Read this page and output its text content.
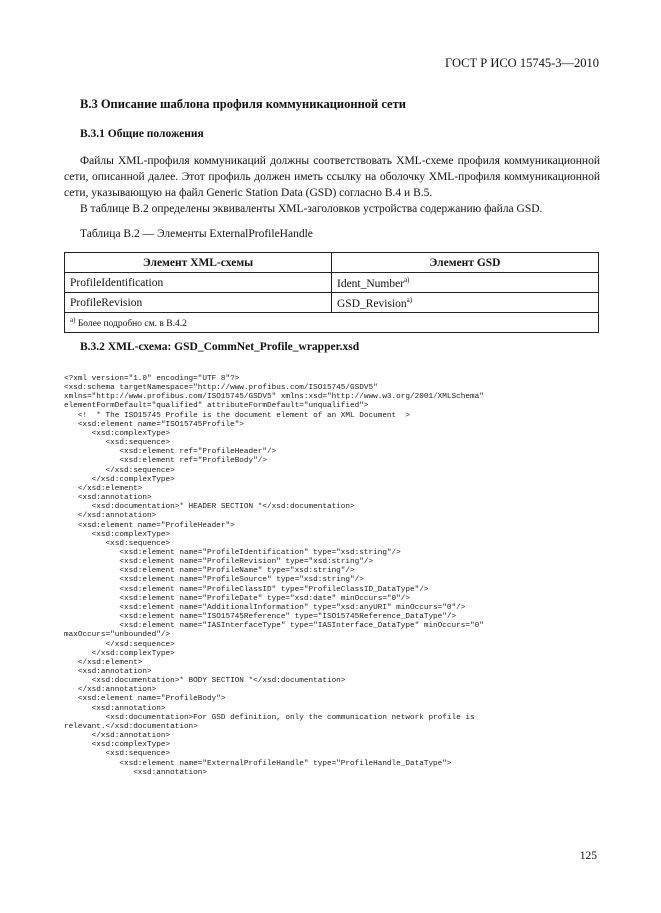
ГОСТ Р ИСО 15745-3—2010
В.3 Описание шаблона профиля коммуникационной сети
В.3.1 Общие положения

Файлы XML-профиля коммуникаций должны соответствовать XML-схеме профиля коммуникационной сети, описанной далее. Этот профиль должен иметь ссылку на оболочку XML-профиля коммуникационной сети, указывающую на файл Generic Station Data (GSD) согласно В.4 и В.5.

В таблице В.2 определены эквиваленты XML-заголовков устройства содержанию файла GSD.

Таблица В.2 — Элементы ExternalProfileHandle
Элемент XML-схемы	Элемент GSD
ProfileIdentification	Ident_Number$^{a)}$
ProfileRevision	GSD_Revision$^{a)}$
$^{a)}$ Более подробно см. в В.4.2	
В.3.2 XML-схема: GSD_CommNet_Profile_wrapper.xsd
<?xml version="1.0" encoding="UTF 8"?>
<xsd:schema targetNamespace="http://www.profibus.com/ISO15745/GSDV5"
xmlns="http://www.profibus.com/ISO15745/GSDV5" xmlns:xsd="http://www.w3.org/2001/XMLSchema"
elementFormDefault="qualified" attributeFormDefault="unqualified">
<!  * The ISO15745 Profile is the document element of an XML Document  >
<xsd:element name="ISO15745Profile">
<xsd:complexType>
<xsd:sequence>
<xsd:element ref="ProfileHeader"/>
<xsd:element ref="ProfileBody"/>
</xsd:sequence>
</xsd:complexType>
</xsd:element>
<xsd:annotation>
<xsd:documentation>* HEADER SECTION *</xsd:documentation>
</xsd:annotation>
<xsd:element name="ProfileHeader">
<xsd:complexType>
<xsd:sequence>
<xsd:element name="ProfileIdentification" type="xsd:string"/>
<xsd:element name="ProfileRevision" type="xsd:string"/>
<xsd:element name="ProfileName" type="xsd:string"/>
<xsd:element name="ProfileSource" type="xsd:string"/>
<xsd:element name="ProfileClassID" type="ProfileClassID_DataType"/>
<xsd:element name="ProfileDate" type="xsd:date" minOccurs="0"/>
<xsd:element name="AdditionalInformation" type="xsd:anyURI" minOccurs="0"/>
<xsd:element name="ISO15745Reference" type="ISO15745Reference_DataType"/>
<xsd:element name="IASInterfaceType" type="IASInterface_DataType" minOccurs="0"
maxOccurs="unbounded"/>
</xsd:sequence>
</xsd:complexType>
</xsd:element>
<xsd:annotation>
<xsd:documentation>* BODY SECTION *</xsd:documentation>
</xsd:annotation>
<xsd:element name="ProfileBody">
<xsd:annotation>
<xsd:documentation>For GSD definition, only the communication network profile is
relevant.</xsd:documentation>
</xsd:annotation>
<xsd:complexType>
<xsd:sequence>
<xsd:element name="ExternalProfileHandle" type="ProfileHandle_DataType">
<xsd:annotation>
125
